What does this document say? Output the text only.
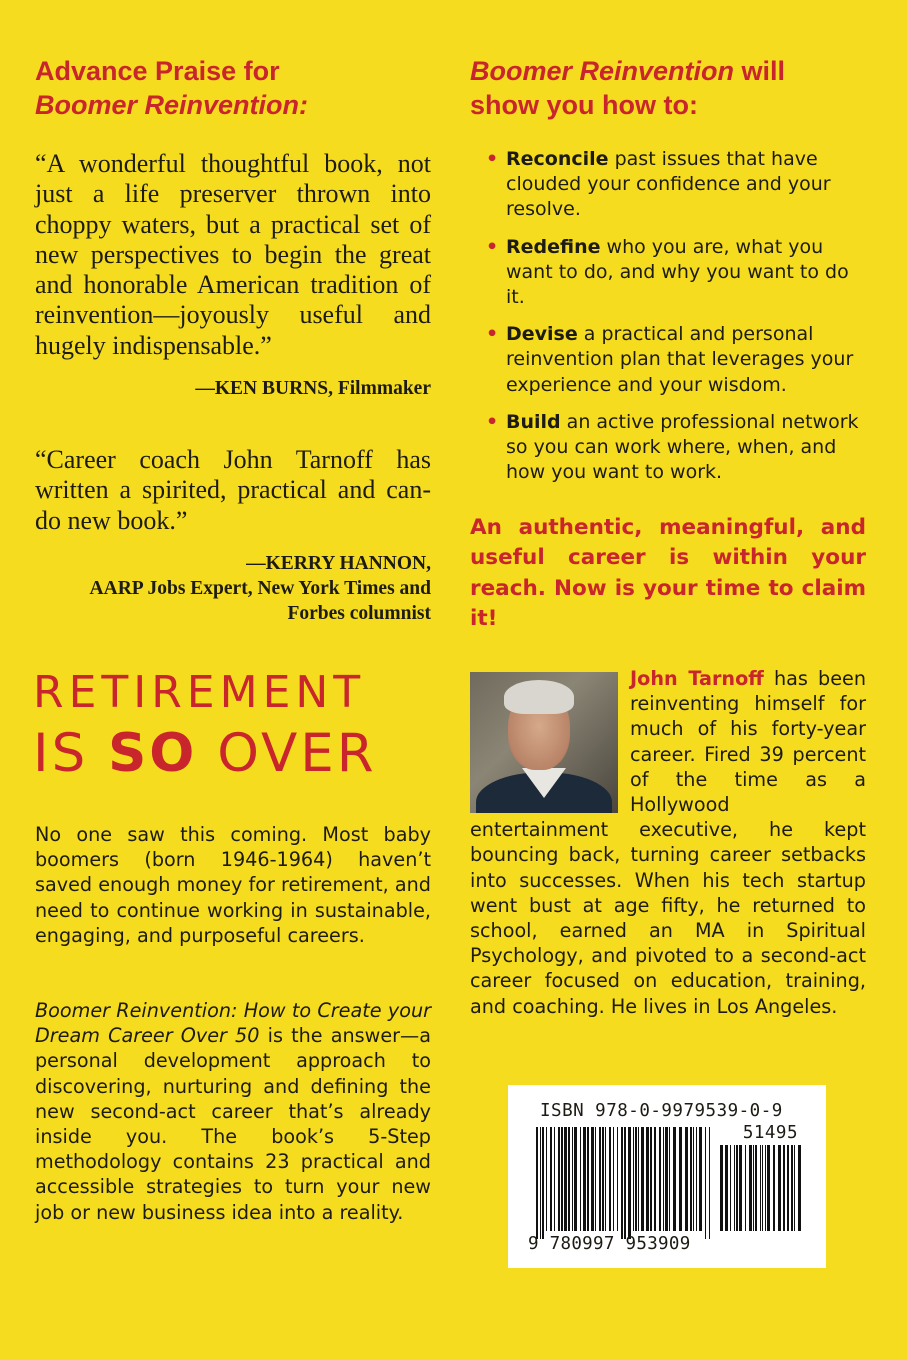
Advance Praise for
Boomer Reinvention:

“A wonderful thoughtful book, not just a life preserver thrown into choppy waters, but a practical set of new perspectives to begin the great and honorable American tradition of reinvention—joyously useful and hugely indispensable.”

—KEN BURNS, Filmmaker

“Career coach John Tarnoff has written a spirited, practical and can-do new book.”

—KERRY HANNON,
AARP Jobs Expert, New York Times and
Forbes columnist
RETIREMENT
IS SO OVER

No one saw this coming. Most baby boomers (born 1946-1964) haven’t saved enough money for retirement, and need to continue working in sustainable, engaging, and purposeful careers.

Boomer Reinvention: How to Create your Dream Career Over 50 is the answer—a personal development approach to discovering, nurturing and defining the new second-act career that’s already inside you. The book’s 5-Step methodology contains 23 practical and accessible strategies to turn your new job or new business idea into a reality.

Boomer Reinvention will
show you how to:
• Reconcile past issues that have clouded your confidence and your resolve.
• Redefine who you are, what you want to do, and why you want to do it.
• Devise a practical and personal reinvention plan that leverages your experience and your wisdom.
• Build an active professional network so you can work where, when, and how you want to work.

An authentic, meaningful, and useful career is within your reach. Now is your time to claim it!

John Tarnoff has been reinventing himself for much of his forty-year career. Fired 39 percent of the time as a Hollywood entertainment executive, he kept bouncing back, turning career setbacks into successes. When his tech startup went bust at age fifty, he returned to school, earned an MA in Spiritual Psychology, and pivoted to a second-act career focused on education, training, and coaching. He lives in Los Angeles.
ISBN 978-0-9979539-0-9
51495
9 780997 953909
